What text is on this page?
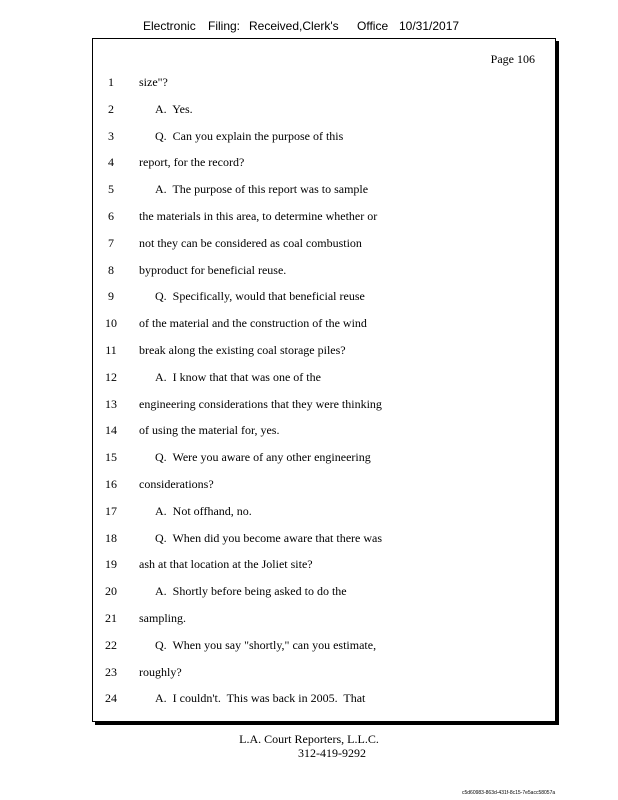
Electronic

Filing:

Received,Clerk's

Office

10/31/2017

Page 106
1	size"?
2	A.  Yes.
3	Q.  Can you explain the purpose of this
4	report, for the record?
5	A.  The purpose of this report was to sample
6	the materials in this area, to determine whether or
7	not they can be considered as coal combustion
8	byproduct for beneficial reuse.
9	Q.  Specifically, would that beneficial reuse
10	of the material and the construction of the wind
11	break along the existing coal storage piles?
12	A.  I know that that was one of the
13	engineering considerations that they were thinking
14	of using the material for, yes.
15	Q.  Were you aware of any other engineering
16	considerations?
17	A.  Not offhand, no.
18	Q.  When did you become aware that there was
19	ash at that location at the Joliet site?
20	A.  Shortly before being asked to do the
21	sampling.
22	Q.  When you say "shortly," can you estimate,
23	roughly?
24	A.  I couldn't.  This was back in 2005.  That
L.A. Court Reporters, L.L.C.
312-419-9292
c5d60983-863d-431f-8c15-7e5acc58057a
